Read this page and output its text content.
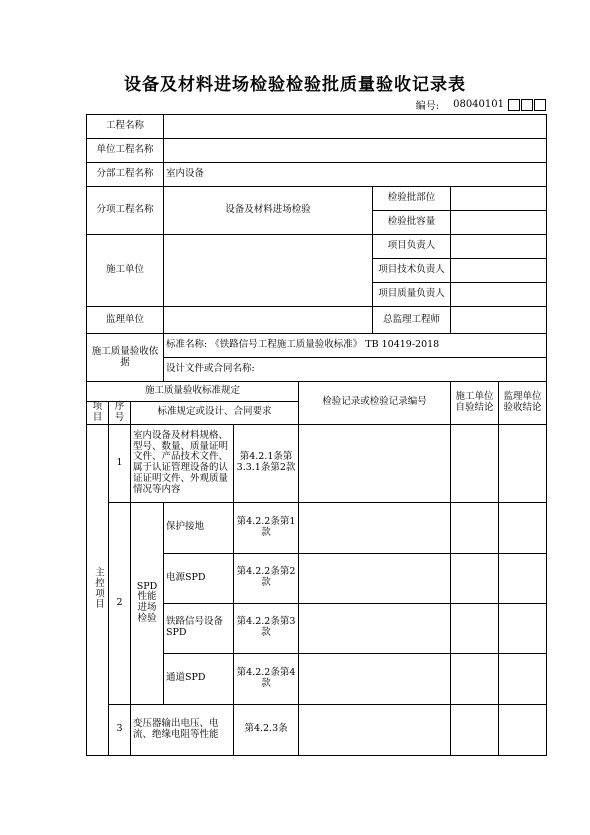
设备及材料进场检验检验批质量验收记录表
编号: 08040101
工程名称								
单位工程名称								
分部工程名称			室内设备					
分项工程名称			设备及材料进场检验			检验批部位		
						检验批容量		
施工单位						项目负责人		
						项目技术负责人		
						项目质量负责人		
监理单位						总监理工程师		
施工质量验收依据			标准名称: 《铁路信号工程施工质量验收标准》 TB 10419-2018					
			设计文件或合同名称:					
施工质量验收标准规定					检验记录或检验记录编号		施工单位自验结论	监理单位验收结论
项目	序号	标准规定或设计、合同要求						
主控项目	1	室内设备及材料规格、型号、数量、质量证明文件、产品技术文件、属于认证管理设备的认证证明文件、外观质量情况等内容		第4.2.1条第3.3.1条第2款				
	2	SPD性能进场检验	保护接地	第4.2.2条第1款				
			电源SPD	第4.2.2条第2款				
			铁路信号设备SPD	第4.2.2条第3款				
			通道SPD	第4.2.2条第4款				
	3	变压器输出电压、电流、绝缘电阻等性能		第4.2.3条				
